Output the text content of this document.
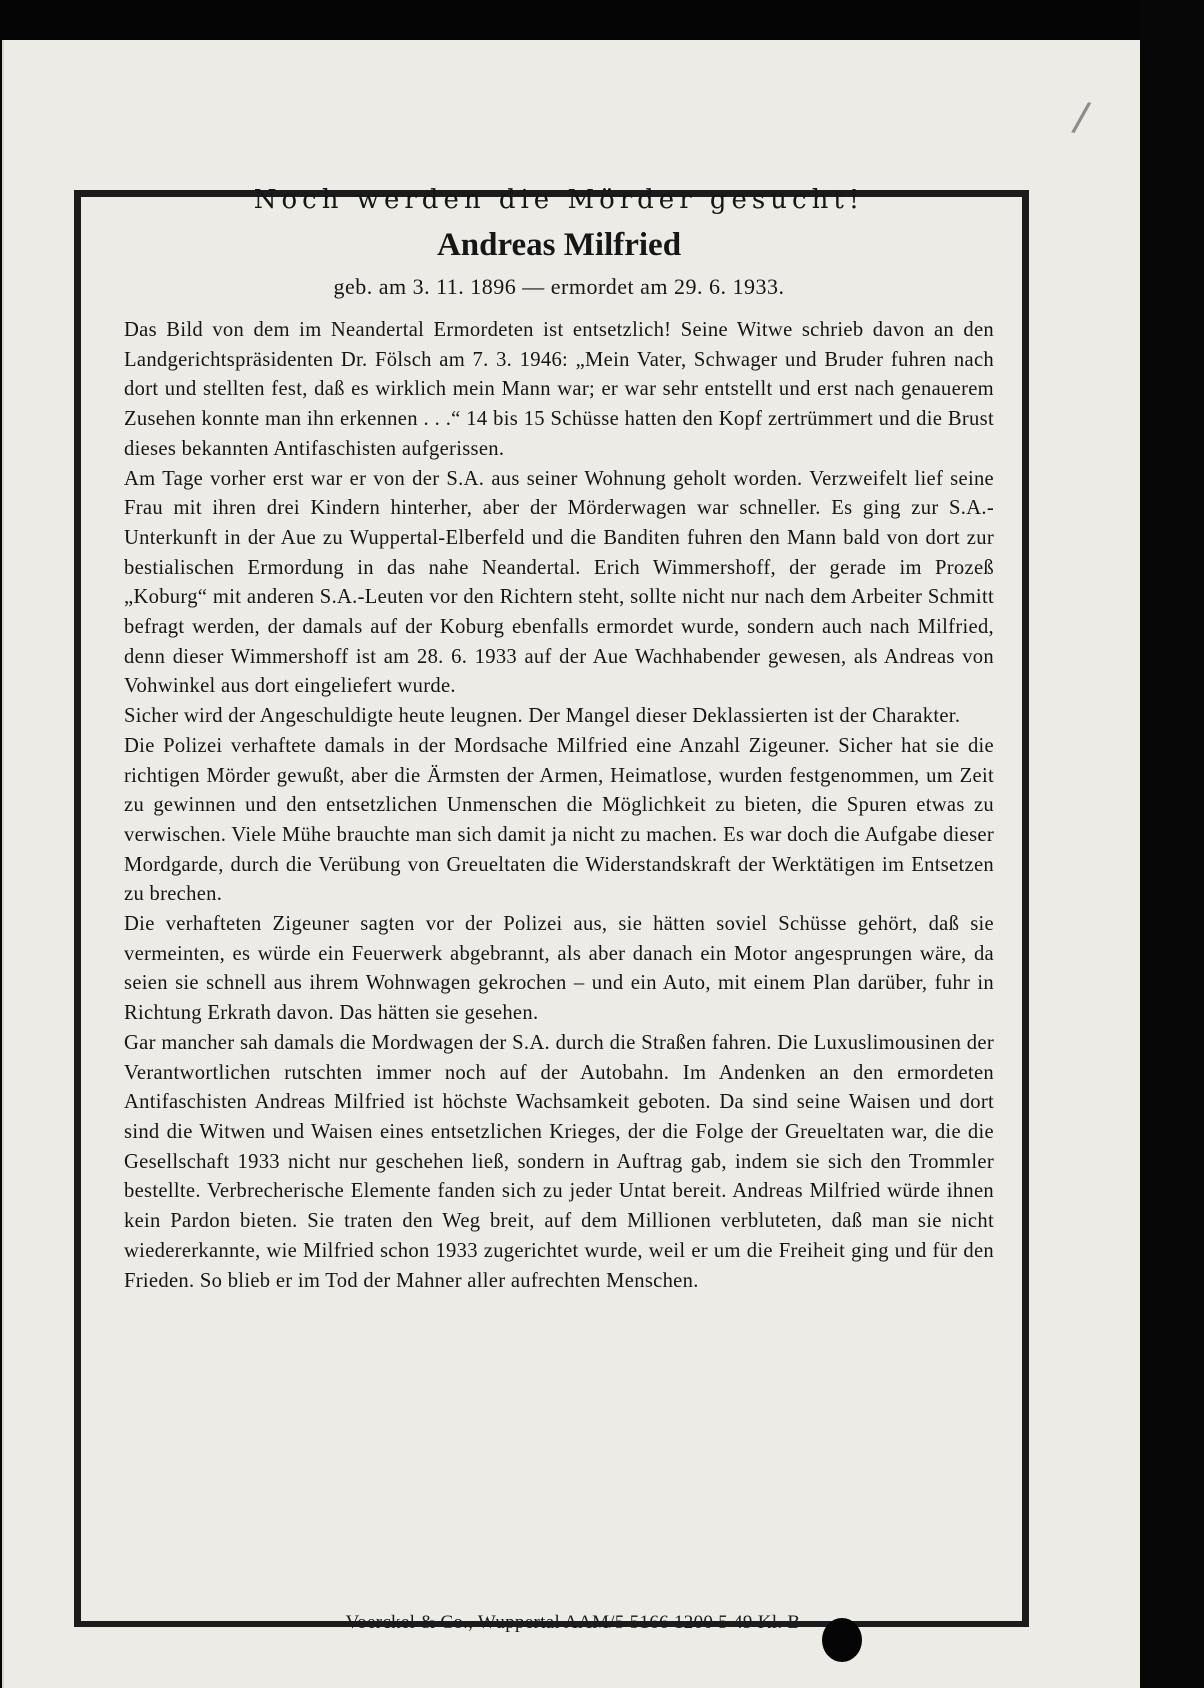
Noch werden die Mörder gesucht!
Andreas Milfried
geb. am 3. 11. 1896 — ermordet am 29. 6. 1933.

Das Bild von dem im Neandertal Ermordeten ist entsetzlich! Seine Witwe schrieb davon an den Landgerichtspräsidenten Dr. Fölsch am 7. 3. 1946: „Mein Vater, Schwager und Bruder fuhren nach dort und stellten fest, daß es wirklich mein Mann war; er war sehr entstellt und erst nach genauerem Zusehen konnte man ihn erkennen . . .“ 14 bis 15 Schüsse hatten den Kopf zertrümmert und die Brust dieses bekannten Antifaschisten aufgerissen.

Am Tage vorher erst war er von der S.A. aus seiner Wohnung geholt worden. Verzweifelt lief seine Frau mit ihren drei Kindern hinterher, aber der Mörderwagen war schneller. Es ging zur S.A.-Unterkunft in der Aue zu Wuppertal-Elberfeld und die Banditen fuhren den Mann bald von dort zur bestialischen Ermordung in das nahe Neandertal. Erich Wimmershoff, der gerade im Prozeß „Koburg“ mit anderen S.A.-Leuten vor den Richtern steht, sollte nicht nur nach dem Arbeiter Schmitt befragt werden, der damals auf der Koburg ebenfalls ermordet wurde, sondern auch nach Milfried, denn dieser Wimmershoff ist am 28. 6. 1933 auf der Aue Wachhabender gewesen, als Andreas von Vohwinkel aus dort eingeliefert wurde.

Sicher wird der Angeschuldigte heute leugnen. Der Mangel dieser Deklassierten ist der Charakter.

Die Polizei verhaftete damals in der Mordsache Milfried eine Anzahl Zigeuner. Sicher hat sie die richtigen Mörder gewußt, aber die Ärmsten der Armen, Heimatlose, wurden festgenommen, um Zeit zu gewinnen und den entsetzlichen Unmenschen die Möglichkeit zu bieten, die Spuren etwas zu verwischen. Viele Mühe brauchte man sich damit ja nicht zu machen. Es war doch die Aufgabe dieser Mordgarde, durch die Verübung von Greueltaten die Widerstandskraft der Werktätigen im Entsetzen zu brechen.

Die verhafteten Zigeuner sagten vor der Polizei aus, sie hätten soviel Schüsse gehört, daß sie vermeinten, es würde ein Feuerwerk abgebrannt, als aber danach ein Motor angesprungen wäre, da seien sie schnell aus ihrem Wohnwagen gekrochen – und ein Auto, mit einem Plan darüber, fuhr in Richtung Erkrath davon. Das hätten sie gesehen.

Gar mancher sah damals die Mordwagen der S.A. durch die Straßen fahren. Die Luxuslimousinen der Verantwortlichen rutschten immer noch auf der Autobahn. Im Andenken an den ermordeten Antifaschisten Andreas Milfried ist höchste Wachsamkeit geboten. Da sind seine Waisen und dort sind die Witwen und Waisen eines entsetzlichen Krieges, der die Folge der Greueltaten war, die die Gesellschaft 1933 nicht nur geschehen ließ, sondern in Auftrag gab, indem sie sich den Trommler bestellte. Verbrecherische Elemente fanden sich zu jeder Untat bereit. Andreas Milfried würde ihnen kein Pardon bieten. Sie traten den Weg breit, auf dem Millionen verbluteten, daß man sie nicht wiedererkannte, wie Milfried schon 1933 zugerichtet wurde, weil er um die Freiheit ging und für den Frieden. So blieb er im Tod der Mahner aller aufrechten Menschen.

Voerckel & Co., Wuppertal AAM/5 5166 1200 5 49 Kl. B
/
